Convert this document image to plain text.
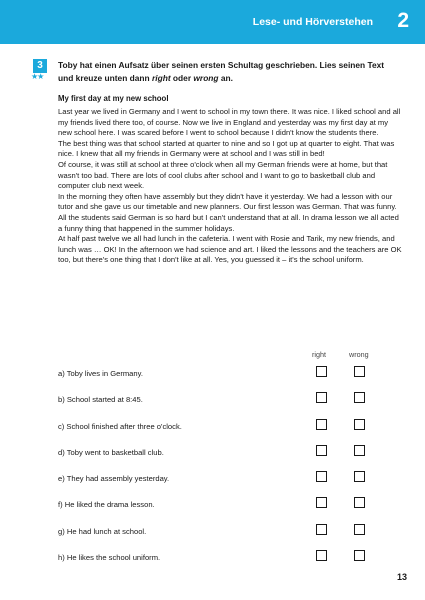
Lese- und Hörverstehen 2
3
★★
Toby hat einen Aufsatz über seinen ersten Schultag geschrieben. Lies seinen Text und kreuze unten dann right oder wrong an.
My first day at my new school

Last year we lived in Germany and I went to school in my town there. It was nice. I liked school and all my friends lived there too, of course. Now we live in England and yesterday was my first day at my new school here. I was scared before I went to school because I didn't know the students there.

The best thing was that school started at quarter to nine and so I got up at quarter to eight. That was nice. I knew that all my friends in Germany were at school and I was still in bed!

Of course, it was still at school at three o'clock when all my German friends were at home, but that wasn't too bad. There are lots of cool clubs after school and I want to go to basketball club and computer club next week.

In the morning they often have assembly but they didn't have it yesterday. We had a lesson with our tutor and she gave us our timetable and new planners. Our first lesson was German. That was funny. All the students said German is so hard but I can't understand that at all. In drama lesson we all acted a funny thing that happened in the summer holidays.

At half past twelve we all had lunch in the cafeteria. I went with Rosie and Tarik, my new friends, and lunch was … OK! In the afternoon we had science and art. I liked the lessons and the teachers are OK too, but there's one thing that I don't like at all. Yes, you guessed it – it's the school uniform.

right	wrong
a) Toby lives in Germany.
b) School started at 8:45.
c) School finished after three o'clock.
d) Toby went to basketball club.
e) They had assembly yesterday.
f) He liked the drama lesson.
g) He had lunch at school.
h) He likes the school uniform.
13
